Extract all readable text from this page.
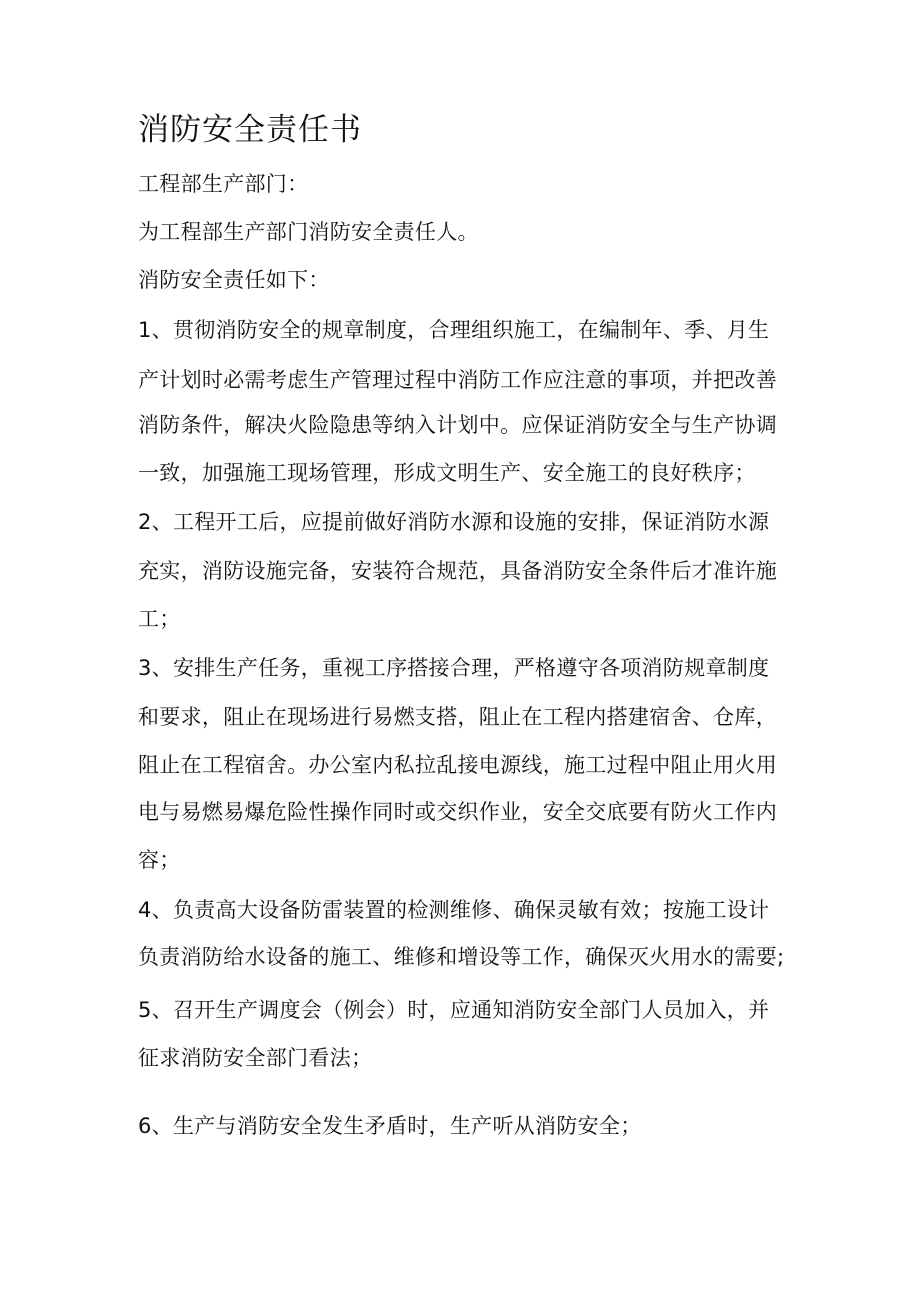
消防安全责任书
工程部生产部门：
为工程部生产部门消防安全责任人。
消防安全责任如下：
1、贯彻消防安全的规章制度，合理组织施工，在编制年、季、月生
产计划时必需考虑生产管理过程中消防工作应注意的事项，并把改善
消防条件，解决火险隐患等纳入计划中。应保证消防安全与生产协调
一致，加强施工现场管理，形成文明生产、安全施工的良好秩序；
2、工程开工后，应提前做好消防水源和设施的安排，保证消防水源
充实，消防设施完备，安装符合规范，具备消防安全条件后才准许施
工；
3、安排生产任务，重视工序搭接合理，严格遵守各项消防规章制度
和要求，阻止在现场进行易燃支搭，阻止在工程内搭建宿舍、仓库，
阻止在工程宿舍。办公室内私拉乱接电源线，施工过程中阻止用火用
电与易燃易爆危险性操作同时或交织作业，安全交底要有防火工作内
容；
4、负责高大设备防雷装置的检测维修、确保灵敏有效；按施工设计
负责消防给水设备的施工、维修和增设等工作，确保灭火用水的需要;
5、召开生产调度会（例会）时，应通知消防安全部门人员加入，并
征求消防安全部门看法；
6、生产与消防安全发生矛盾时，生产听从消防安全；
